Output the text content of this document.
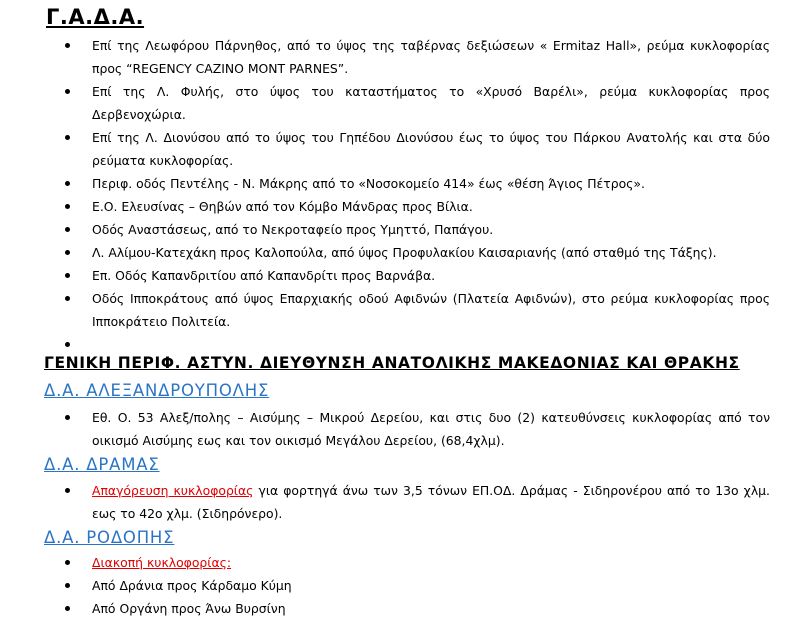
Γ.Α.Δ.Α.
Επί της Λεωφόρου Πάρνηθος, από το ύψος της ταβέρνας δεξιώσεων « Ermitaz Hall», ρεύμα κυκλοφορίας προς “REGENCY CAZINO MONT PARNES”.
Επί της Λ. Φυλής, στο ύψος του καταστήματος το «Χρυσό Βαρέλι», ρεύμα κυκλοφορίας προς Δερβενοχώρια.
Επί της Λ. Διονύσου από το ύψος του Γηπέδου Διονύσου έως το ύψος του Πάρκου Ανατολής και στα δύο ρεύματα κυκλοφορίας.
Περιφ. οδός Πεντέλης - Ν. Μάκρης από το «Νοσοκομείο 414» έως «θέση Άγιος Πέτρος».
Ε.Ο. Ελευσίνας – Θηβών από τον Κόμβο Μάνδρας προς Βίλια.
Οδός Αναστάσεως, από το Νεκροταφείο προς Υμηττό, Παπάγου.
Λ. Αλίμου-Κατεχάκη προς Καλοπούλα, από ύψος Προφυλακίου Καισαριανής (από σταθμό της Τάξης).
Επ. Οδός Καπανδριτίου από Καπανδρίτι προς Βαρνάβα.
Οδός Ιπποκράτους από ύψος Επαρχιακής οδού Αφιδνών (Πλατεία Αφιδνών), στο ρεύμα κυκλοφορίας προς Ιπποκράτειο Πολιτεία.

ΓΕΝΙΚΗ ΠΕΡΙΦ. ΑΣΤΥΝ. ΔΙΕΥΘΥΝΣΗ ΑΝΑΤΟΛΙΚΗΣ ΜΑΚΕΔΟΝΙΑΣ ΚΑΙ ΘΡΑΚΗΣ
Δ.Α. ΑΛΕΞΑΝΔΡΟΥΠΟΛΗΣ
Εθ. Ο. 53 Αλεξ/πολης – Αισύμης – Μικρού Δερείου, και στις δυο (2) κατευθύνσεις κυκλοφορίας από τον οικισμό Αισύμης εως και τον οικισμό Μεγάλου Δερείου, (68,4χλμ).
Δ.Α. ΔΡΑΜΑΣ
Απαγόρευση κυκλοφορίας για φορτηγά άνω των 3,5 τόνων ΕΠ.ΟΔ. Δράμας - Σιδηρονέρου από το 13ο χλμ. εως το 42ο χλμ. (Σιδηρόνερο).
Δ.Α. ΡΟΔΟΠΗΣ
Διακοπή κυκλοφορίας:
Από Δράνια προς Κάρδαμο Κύμη
Από Οργάνη προς Άνω Βυρσίνη
